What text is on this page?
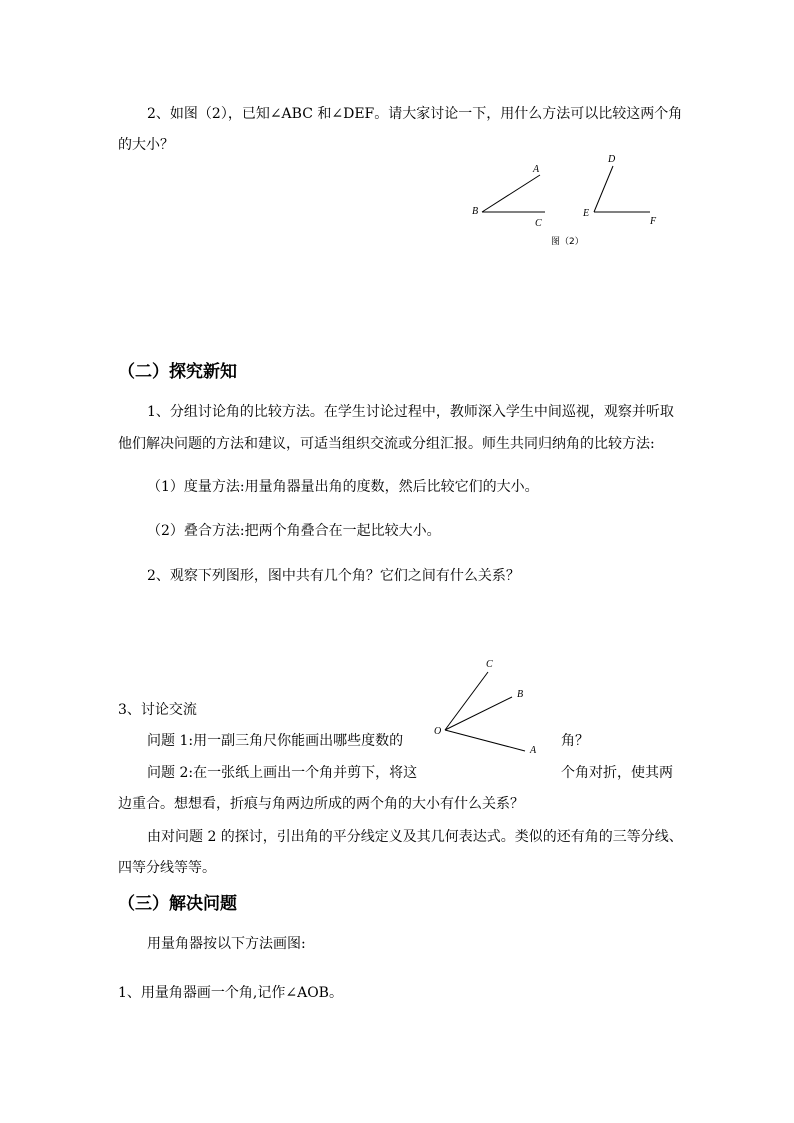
2、如图（2），已知∠ABC 和∠DEF。请大家讨论一下，用什么方法可以比较这两个角
的大小？
A
B
C
D
E
F
图（2）
（二）探究新知
1、分组讨论角的比较方法。在学生讨论过程中，教师深入学生中间巡视，观察并听取
他们解决问题的方法和建议，可适当组织交流或分组汇报。师生共同归纳角的比较方法:
（1）度量方法:用量角器量出角的度数，然后比较它们的大小。
（2）叠合方法:把两个角叠合在一起比较大小。
2、观察下列图形，图中共有几个角？它们之间有什么关系？
C
B
O
A
3、讨论交流
问题 1:用一副三角尺你能画出哪些度数的	角？
问题 2:在一张纸上画出一个角并剪下，将这	个角对折，使其两
边重合。想想看，折痕与角两边所成的两个角的大小有什么关系？
由对问题 2 的探讨，引出角的平分线定义及其几何表达式。类似的还有角的三等分线、
四等分线等等。
（三）解决问题
用量角器按以下方法画图:
1、用量角器画一个角,记作∠AOB。
